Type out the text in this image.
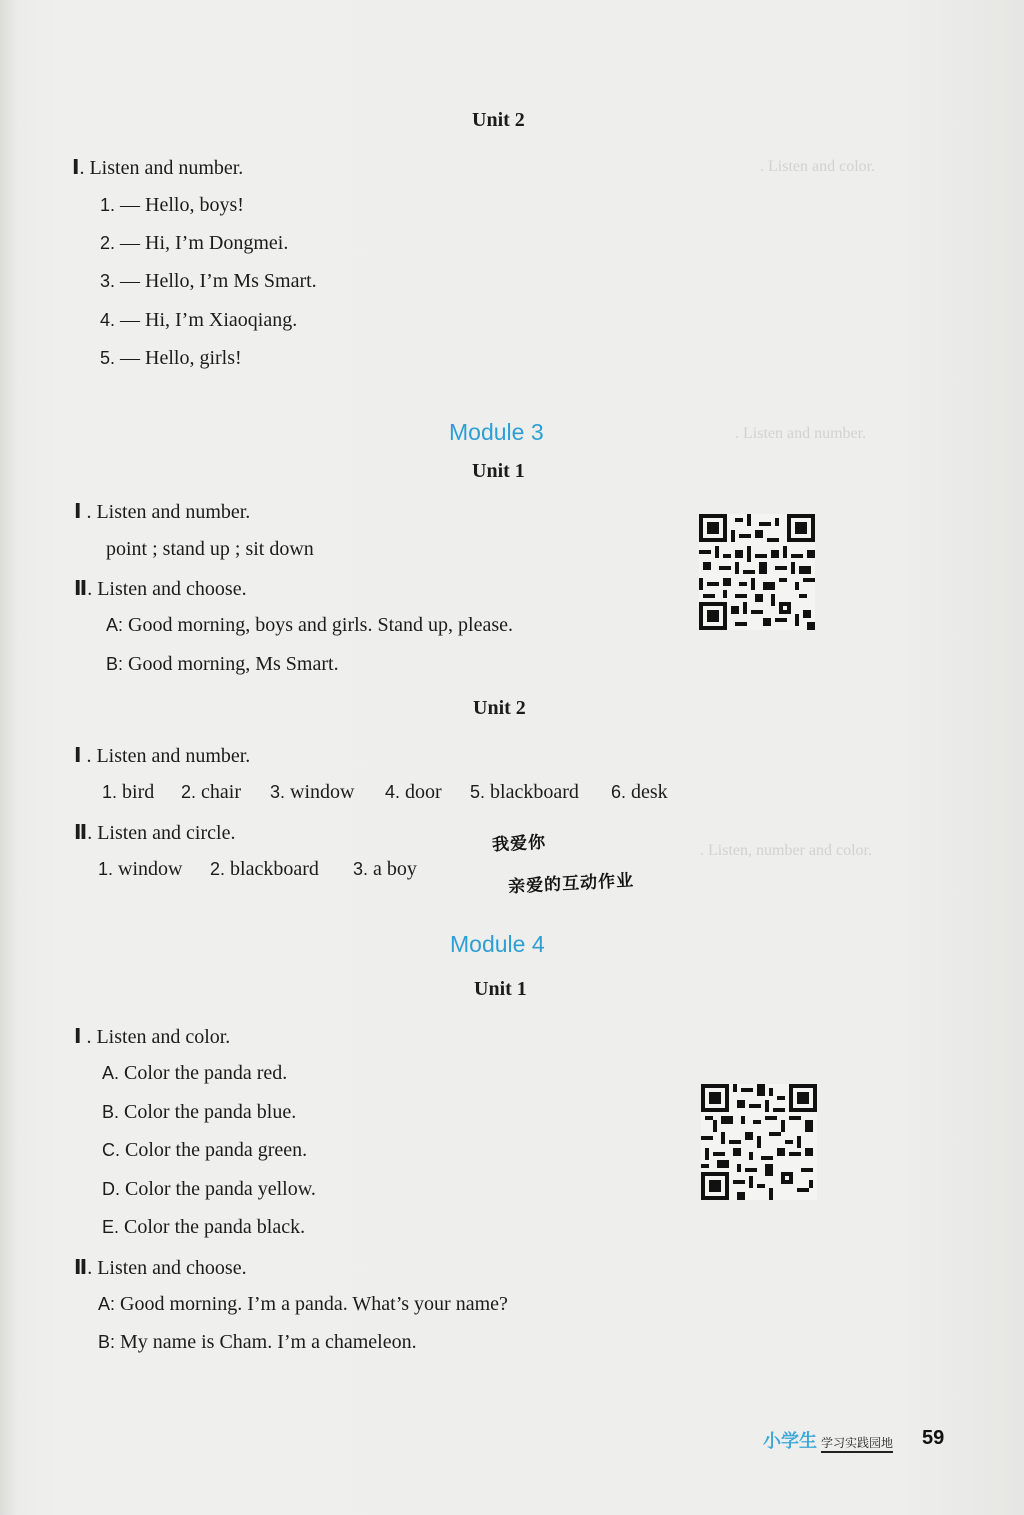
. Listen and color.
. Listen and number.
. Listen, number and color.
Unit 2
Ⅰ. Listen and number.
1. — Hello, boys!
2. — Hi, I’m Dongmei.
3. — Hello, I’m Ms Smart.
4. — Hi, I’m Xiaoqiang.
5. — Hello, girls!
Module 3
Unit 1
Ⅰ . Listen and number.
point ; stand up ; sit down
Ⅱ. Listen and choose.
A: Good morning, boys and girls. Stand up, please.
B: Good morning, Ms Smart.
Unit 2
Ⅰ . Listen and number.
1. bird 2. chair 3. window 4. door 5. blackboard 6. desk
Ⅱ. Listen and circle.
1. window 2. blackboard 3. a boy
我爱你
亲爱的互动作业
Module 4
Unit 1
Ⅰ . Listen and color.
A. Color the panda red.
B. Color the panda blue.
C. Color the panda green.
D. Color the panda yellow.
E. Color the panda black.
Ⅱ. Listen and choose.
A: Good morning. I’m a panda. What’s your name?
B: My name is Cham. I’m a chameleon.
小学生 学习实践园地 59
